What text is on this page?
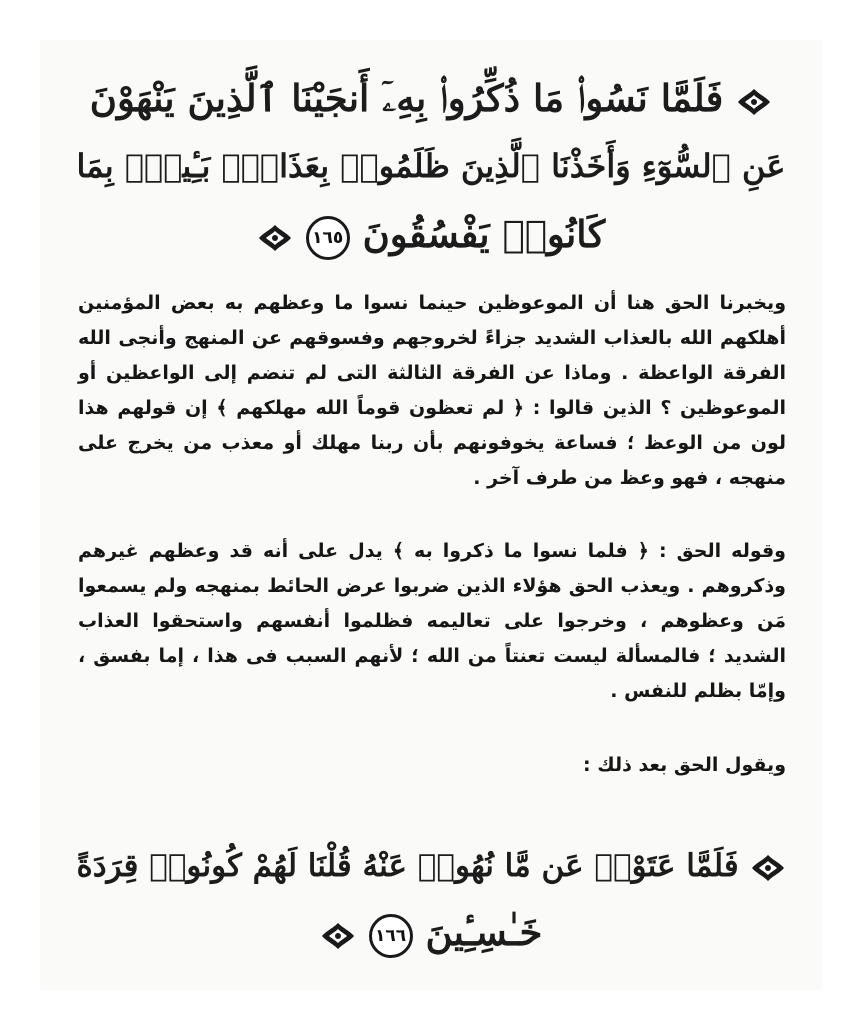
فَلَمَّا نَسُوا۟ مَا ذُكِّرُوا۟ بِهِۦٓ أَنجَيْنَا ٱلَّذِينَ يَنْهَوْنَ
عَنِ ٱلسُّوٓءِ وَأَخَذْنَا ٱلَّذِينَ ظَلَمُوا۟ بِعَذَابٍۭ بَـِٔيسٍۭ بِمَا
كَانُوا۟ يَفْسُقُونَ ١٦٥

ويخبرنا الحق هنا أن الموعوظين حينما نسوا ما وعظهم به بعض المؤمنين أهلكهم الله بالعذاب الشديد جزاءً لخروجهم وفسوقهم عن المنهج وأنجى الله الفرقة الواعظة . وماذا عن الفرقة الثالثة التى لم تنضم إلى الواعظين أو الموعوظين ؟ الذين قالوا : ﴿ لم تعظون قوماً الله مهلكهم ﴾ إن قولهم هذا لون من الوعظ ؛ فساعة يخوفونهم بأن ربنا مهلك أو معذب من يخرج على منهجه ، فهو وعظ من طرف آخر .

وقوله الحق : ﴿ فلما نسوا ما ذكروا به ﴾ يدل على أنه قد وعظهم غيرهم وذكروهم . ويعذب الحق هؤلاء الذين ضربوا عرض الحائط بمنهجه ولم يسمعوا مَن وعظوهم ، وخرجوا على تعاليمه فظلموا أنفسهم واستحقوا العذاب الشديد ؛ فالمسألة ليست تعنتاً من الله ؛ لأنهم السبب فى هذا ، إما بفسق ، وإمّا بظلم للنفس .

ويقول الحق بعد ذلك :

فَلَمَّا عَتَوْا۟ عَن مَّا نُهُوا۟ عَنْهُ قُلْنَا لَهُمْ كُونُوا۟ قِرَدَةً
خَـٰسِـِٔينَ ١٦٦
